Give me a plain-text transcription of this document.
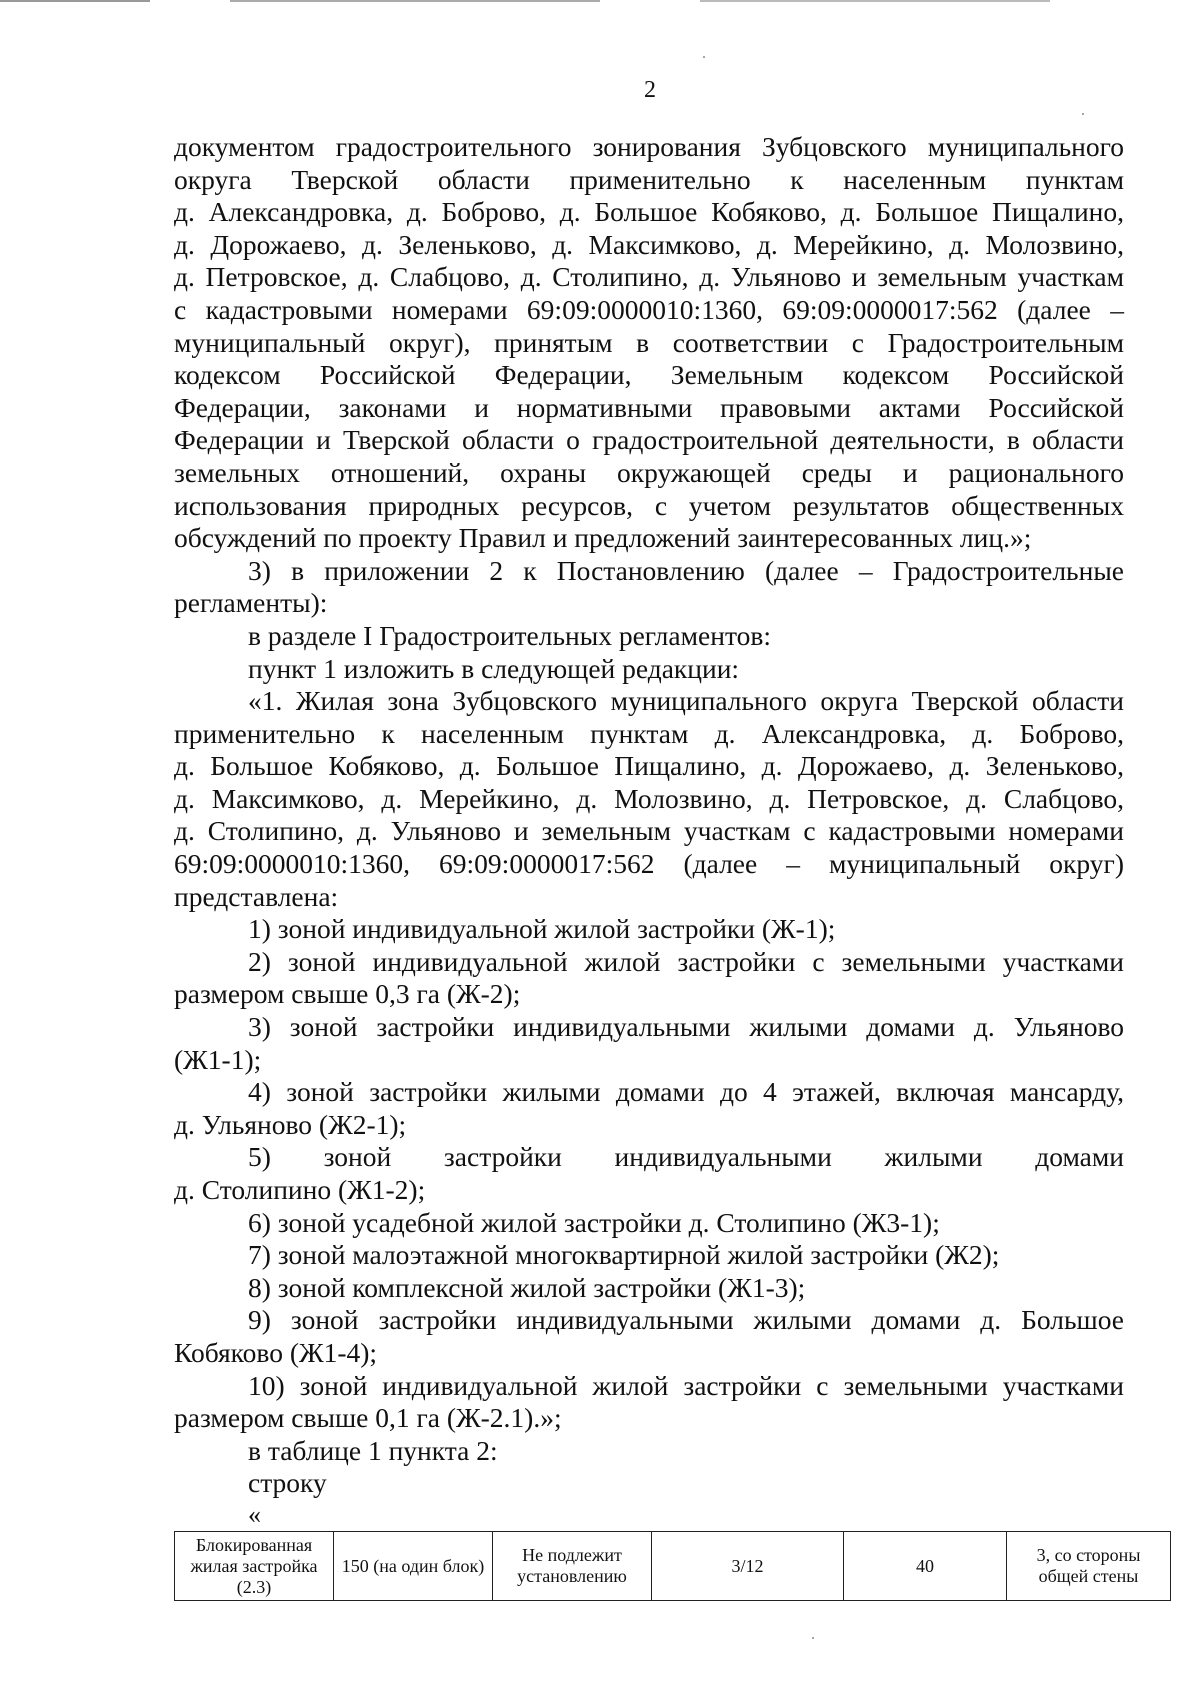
2
документом градостроительного зонирования Зубцовского муниципального
округа Тверской области применительно к населенным пунктам
д. Александровка, д. Боброво, д. Большое Кобяково, д. Большое Пищалино,
д. Дорожаево, д. Зеленьково, д. Максимково, д. Мерейкино, д. Молозвино,
д. Петровское, д. Слабцово, д. Столипино, д. Ульяново и земельным участкам
с кадастровыми номерами 69:09:0000010:1360, 69:09:0000017:562 (далее –
муниципальный округ), принятым в соответствии с Градостроительным
кодексом Российской Федерации, Земельным кодексом Российской
Федерации, законами и нормативными правовыми актами Российской
Федерации и Тверской области о градостроительной деятельности, в области
земельных отношений, охраны окружающей среды и рационального
использования природных ресурсов, с учетом результатов общественных
обсуждений по проекту Правил и предложений заинтересованных лиц.»;
3) в приложении 2 к Постановлению (далее – Градостроительные
регламенты):
в разделе I Градостроительных регламентов:
пункт 1 изложить в следующей редакции:
«1. Жилая зона Зубцовского муниципального округа Тверской области
применительно к населенным пунктам д. Александровка, д. Боброво,
д. Большое Кобяково, д. Большое Пищалино, д. Дорожаево, д. Зеленьково,
д. Максимково, д. Мерейкино, д. Молозвино, д. Петровское, д. Слабцово,
д. Столипино, д. Ульяново и земельным участкам с кадастровыми номерами
69:09:0000010:1360, 69:09:0000017:562 (далее – муниципальный округ)
представлена:
1) зоной индивидуальной жилой застройки (Ж-1);
2) зоной индивидуальной жилой застройки с земельными участками
размером свыше 0,3 га (Ж-2);
3) зоной застройки индивидуальными жилыми домами д. Ульяново
(Ж1-1);
4) зоной застройки жилыми домами до 4 этажей, включая мансарду,
д. Ульяново (Ж2-1);
5) зоной застройки индивидуальными жилыми домами
д. Столипино (Ж1-2);
6) зоной усадебной жилой застройки д. Столипино (Ж3-1);
7) зоной малоэтажной многоквартирной жилой застройки (Ж2);
8) зоной комплексной жилой застройки (Ж1-3);
9) зоной застройки индивидуальными жилыми домами д. Большое
Кобяково (Ж1-4);
10) зоной индивидуальной жилой застройки с земельными участками
размером свыше 0,1 га (Ж-2.1).»;
в таблице 1 пункта 2:
строку
«
Блокированная жилая застройка (2.3)	150 (на один блок)	Не подлежит установлению	3/12	40	3, со стороны общей стены
